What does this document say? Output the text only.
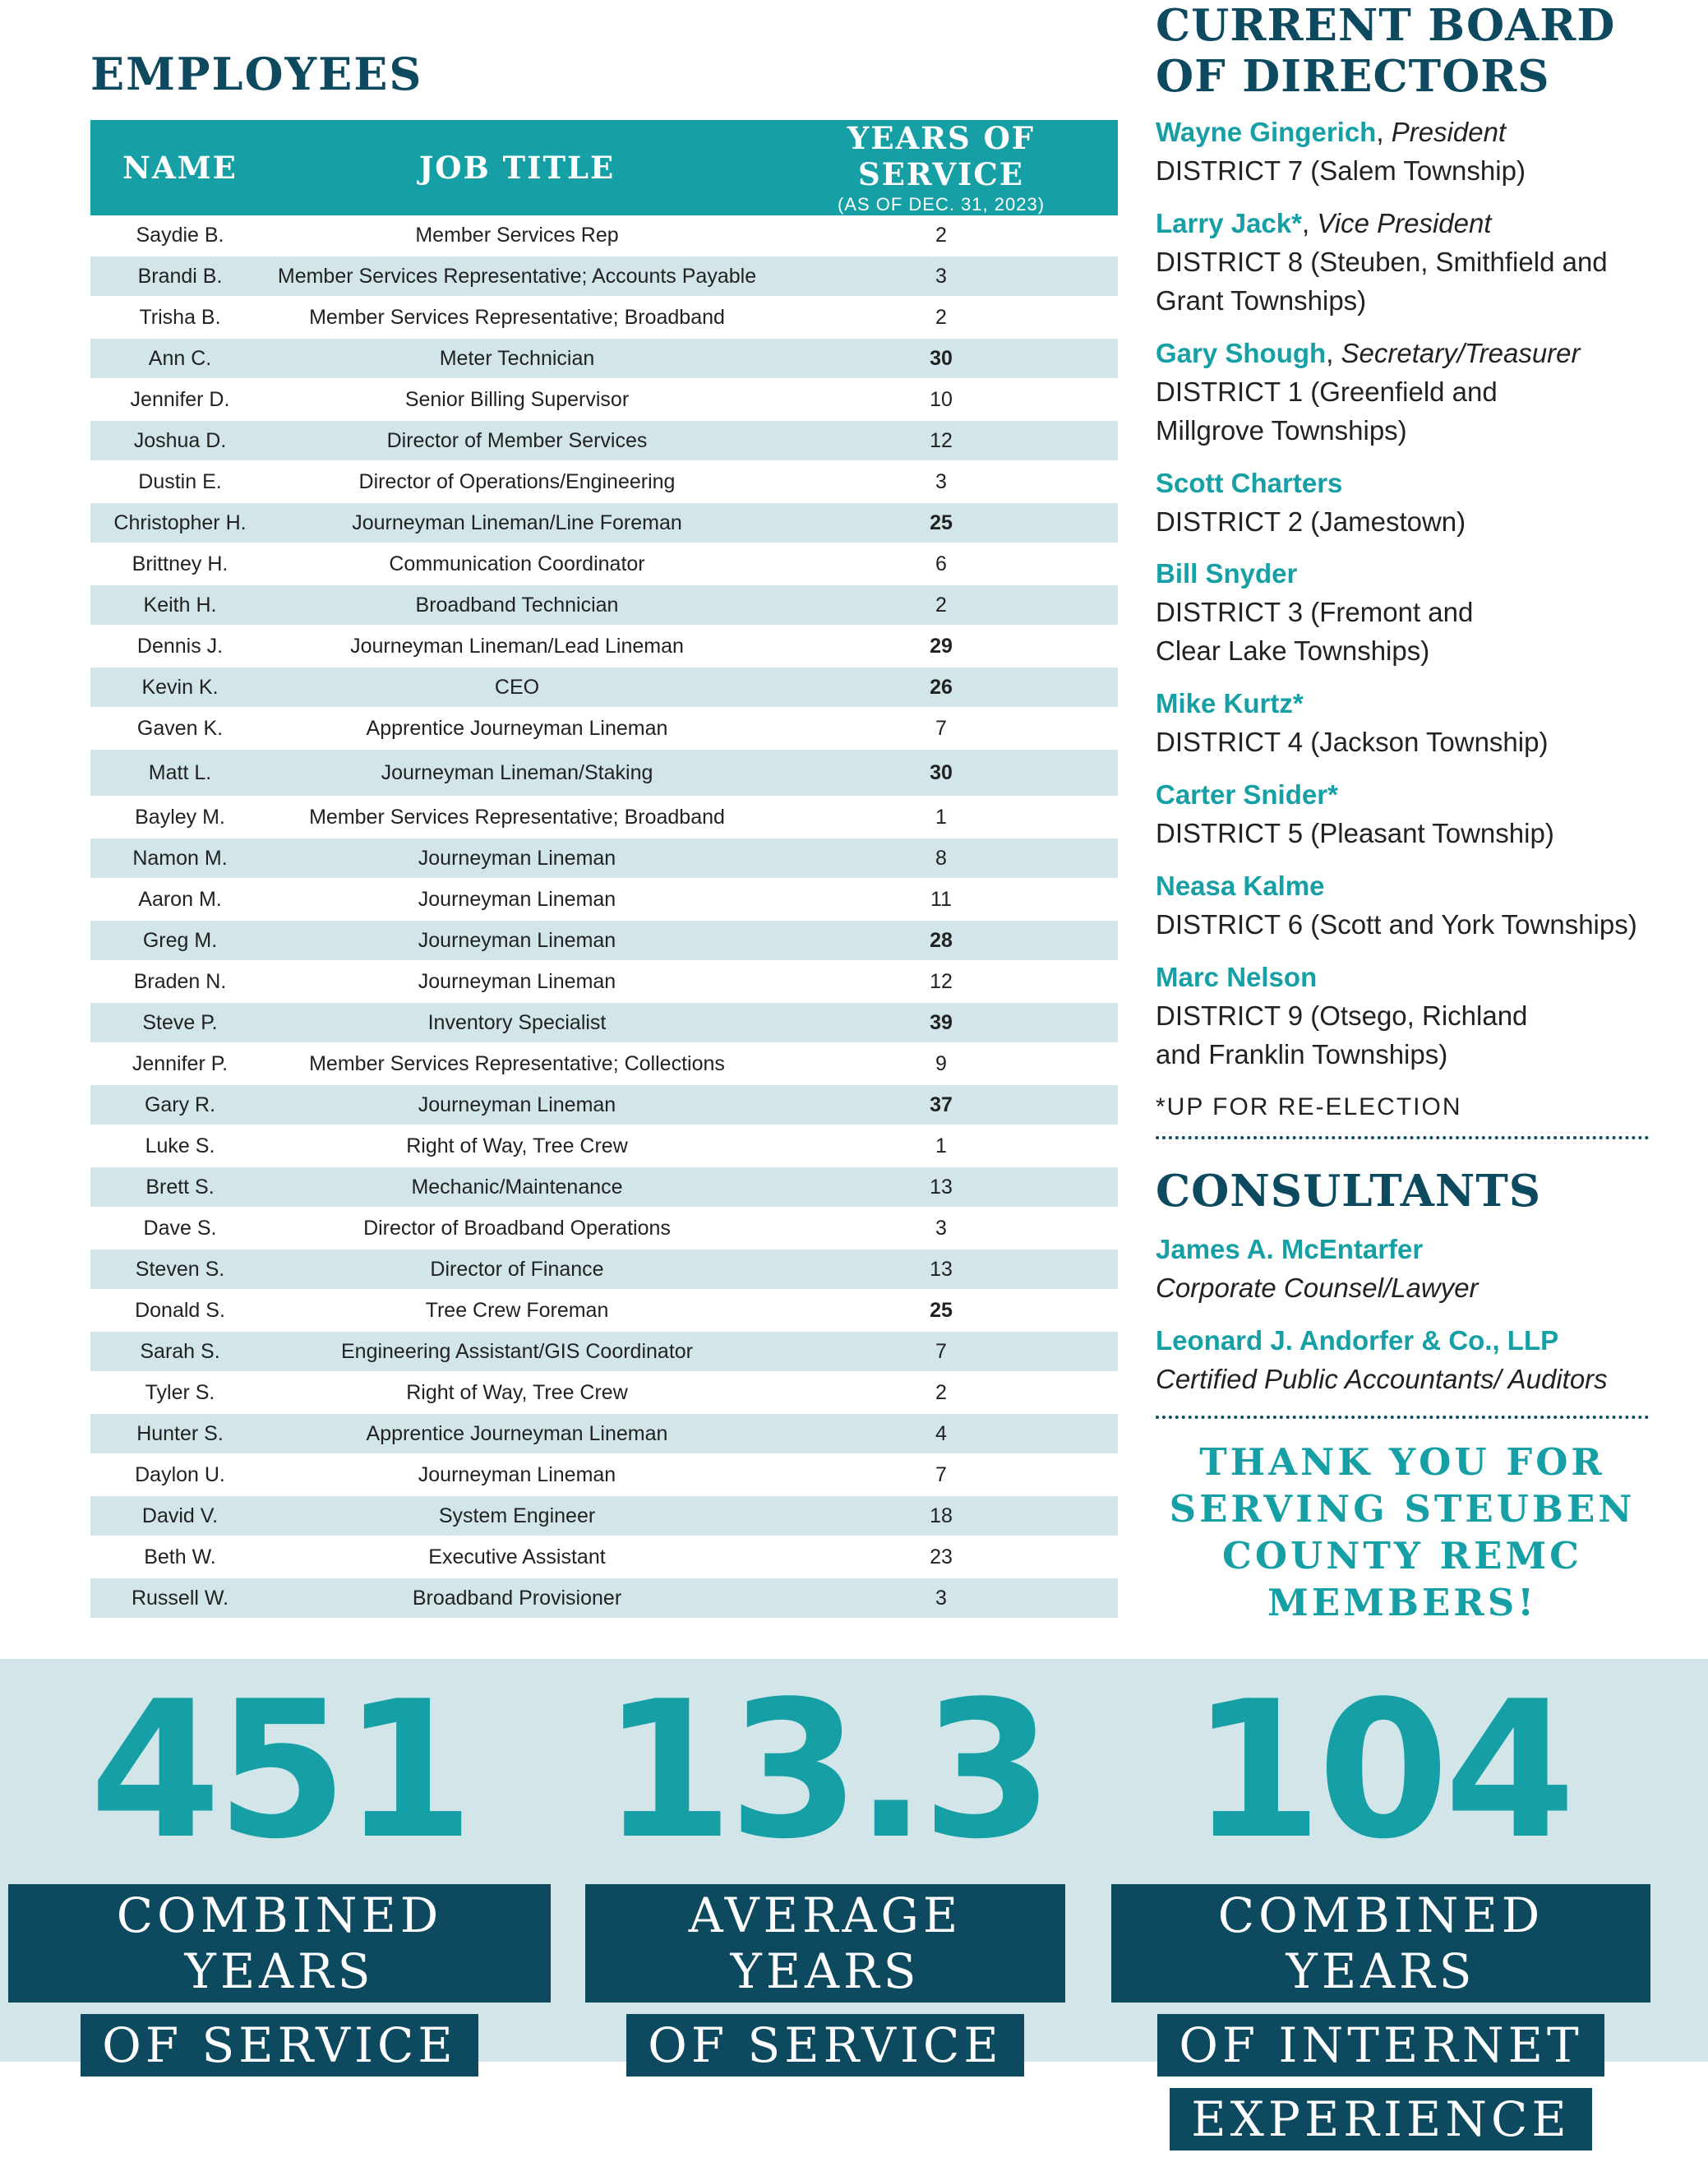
EMPLOYEES
NAME	JOB TITLE	YEARS OF SERVICE
(AS OF DEC. 31, 2023)

Saydie B.	Member Services Rep	2
Brandi B.	Member Services Representative; Accounts Payable	3
Trisha B.	Member Services Representative; Broadband	2
Ann C.	Meter Technician	30
Jennifer D.	Senior Billing Supervisor	10
Joshua D.	Director of Member Services	12
Dustin E.	Director of Operations/Engineering	3
Christopher H.	Journeyman Lineman/Line Foreman	25
Brittney H.	Communication Coordinator	6
Keith H.	Broadband Technician	2
Dennis J.	Journeyman Lineman/Lead Lineman	29
Kevin K.	CEO	26
Gaven K.	Apprentice Journeyman Lineman	7
Matt L.	Journeyman Lineman/Staking	30
Bayley M.	Member Services Representative; Broadband	1
Namon M.	Journeyman Lineman	8
Aaron M.	Journeyman Lineman	11
Greg M.	Journeyman Lineman	28
Braden N.	Journeyman Lineman	12
Steve P.	Inventory Specialist	39
Jennifer P.	Member Services Representative; Collections	9
Gary R.	Journeyman Lineman	37
Luke S.	Right of Way, Tree Crew	1
Brett S.	Mechanic/Maintenance	13
Dave S.	Director of Broadband Operations	3
Steven S.	Director of Finance	13
Donald S.	Tree Crew Foreman	25
Sarah S.	Engineering Assistant/GIS Coordinator	7
Tyler S.	Right of Way, Tree Crew	2
Hunter S.	Apprentice Journeyman Lineman	4
Daylon U.	Journeyman Lineman	7
David V.	System Engineer	18
Beth W.	Executive Assistant	23
Russell W.	Broadband Provisioner	3
CURRENT BOARD
OF DIRECTORS
Wayne Gingerich, President
DISTRICT 7 (Salem Township)
Larry Jack*, Vice President
DISTRICT 8 (Steuben, Smithfield and
Grant Townships)
Gary Shough, Secretary/Treasurer
DISTRICT 1 (Greenfield and
Millgrove Townships)
Scott Charters
DISTRICT 2 (Jamestown)
Bill Snyder
DISTRICT 3 (Fremont and
Clear Lake Townships)
Mike Kurtz*
DISTRICT 4 (Jackson Township)
Carter Snider*
DISTRICT 5 (Pleasant Township)
Neasa Kalme
DISTRICT 6 (Scott and York Townships)
Marc Nelson
DISTRICT 9 (Otsego, Richland
and Franklin Townships)
*UP FOR RE-ELECTION
CONSULTANTS
James A. McEntarfer
Corporate Counsel/Lawyer
Leonard J. Andorfer & Co., LLP
Certified Public Accountants/ Auditors
THANK YOU FOR
SERVING STEUBEN
COUNTY REMC
MEMBERS!
451
COMBINED YEARS
OF SERVICE
13.3
AVERAGE YEARS
OF SERVICE
104
COMBINED YEARS
OF INTERNET
EXPERIENCE
